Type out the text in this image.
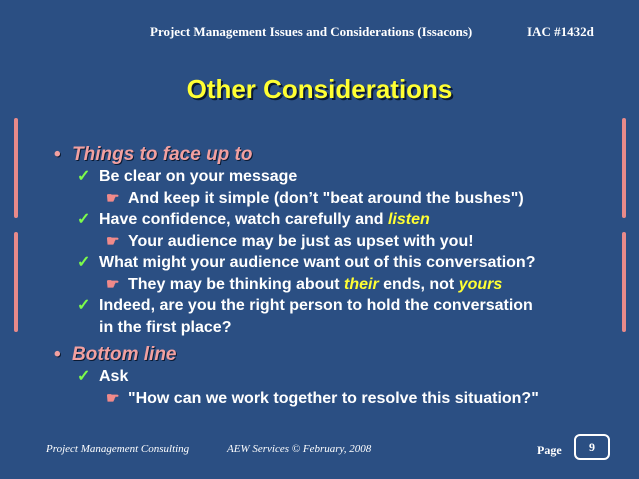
Project Management Issues and Considerations (Issacons)	IAC #1432d
Other Considerations
• Things to face up to
✓ Be clear on your message
☛ And keep it simple (don’t "beat around the bushes")
✓ Have confidence, watch carefully and listen
☛ Your audience may be just as upset with you!
✓ What might your audience want out of this conversation?
☛ They may be thinking about their ends, not yours
✓ Indeed, are you the right person to hold the conversation
in the first place?
• Bottom line
✓ Ask
☛ "How can we work together to resolve this situation?"
Project Management Consulting	AEW Services © February, 2008	Page 9
